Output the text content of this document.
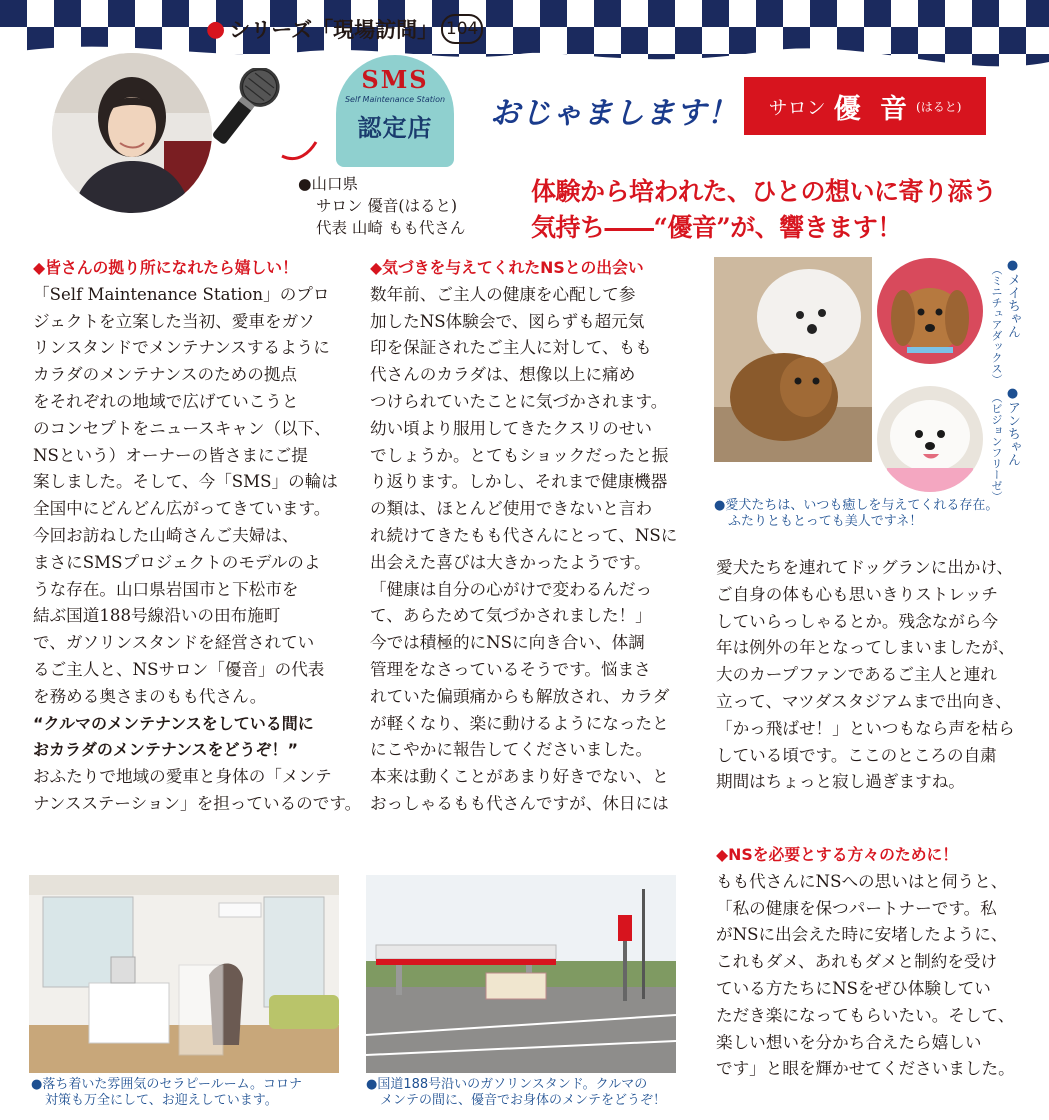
● シリーズ「現場訪問」 104
SMS
Self Maintenance Station
認定店	おじゃまします！ サロン 優 音 (はると)
●山口県
サロン 優音(はると)
代表 山崎 もも代さん
体験から培われた、ひとの想いに寄り添う
気持ち――“優音”が、響きます！
◆皆さんの拠り所になれたら嬉しい！
「Self Maintenance Station」のプロ
ジェクトを立案した当初、愛車をガソ
リンスタンドでメンテナンスするように
カラダのメンテナンスのための拠点
をそれぞれの地域で広げていこうと
のコンセプトをニュースキャン（以下、
NSという）オーナーの皆さまにご提
案しました。そして、今「SMS」の輪は
全国中にどんどん広がってきています。
今回お訪ねした山崎さんご夫婦は、
まさにSMSプロジェクトのモデルのよ
うな存在。山口県岩国市と下松市を
結ぶ国道188号線沿いの田布施町
で、ガソリンスタンドを経営されてい
るご主人と、NSサロン「優音」の代表
を務める奥さまのもも代さん。
“クルマのメンテナンスをしている間に
おカラダのメンテナンスをどうぞ！”
おふたりで地域の愛車と身体の「メンテ
ナンスステーション」を担っているのです。
◆気づきを与えてくれたNSとの出会い
数年前、ご主人の健康を心配して参
加したNS体験会で、図らずも超元気
印を保証されたご主人に対して、もも
代さんのカラダは、想像以上に痛め
つけられていたことに気づかされます。
幼い頃より服用してきたクスリのせい
でしょうか。とてもショックだったと振
り返ります。しかし、それまで健康機器
の類は、ほとんど使用できないと言わ
れ続けてきたもも代さんにとって、NSに
出会えた喜びは大きかったようです。
「健康は自分の心がけで変わるんだっ
て、あらためて気づかされました！」
今では積極的にNSに向き合い、体調
管理をなさっているそうです。悩まさ
れていた偏頭痛からも解放され、カラダ
が軽くなり、楽に動けるようになったと
にこやかに報告してくださいました。
本来は動くことがあまり好きでない、と
おっしゃるもも代さんですが、休日には
愛犬たちを連れてドッグランに出かけ、
ご自身の体も心も思いきりストレッチ
していらっしゃるとか。残念ながら今
年は例外の年となってしまいましたが、
大のカープファンであるご主人と連れ
立って、マツダスタジアムまで出向き、
「かっ飛ばせ！」といつもなら声を枯ら
している頃です。ここのところの自粛
期間はちょっと寂し過ぎますね。
◆NSを必要とする方々のために！
もも代さんにNSへの思いはと伺うと、
「私の健康を保つパートナーです。私
がNSに出会えた時に安堵したように、
これもダメ、あれもダメと制約を受け
ている方たちにNSをぜひ体験してい
ただき楽になってもらいたい。そして、
楽しい想いを分かち合えたら嬉しい
です」と眼を輝かせてくださいました。
●メイちゃん
（ミニチュアダックス）
●アンちゃん
（ビジョンフリーゼ）
●愛犬たちは、いつも癒しを与えてくれる存在。
ふたりともとっても美人ですネ！
●落ち着いた雰囲気のセラピールーム。コロナ
対策も万全にして、お迎えしています。
●国道188号沿いのガソリンスタンド。クルマの
メンテの間に、優音でお身体のメンテをどうぞ！
